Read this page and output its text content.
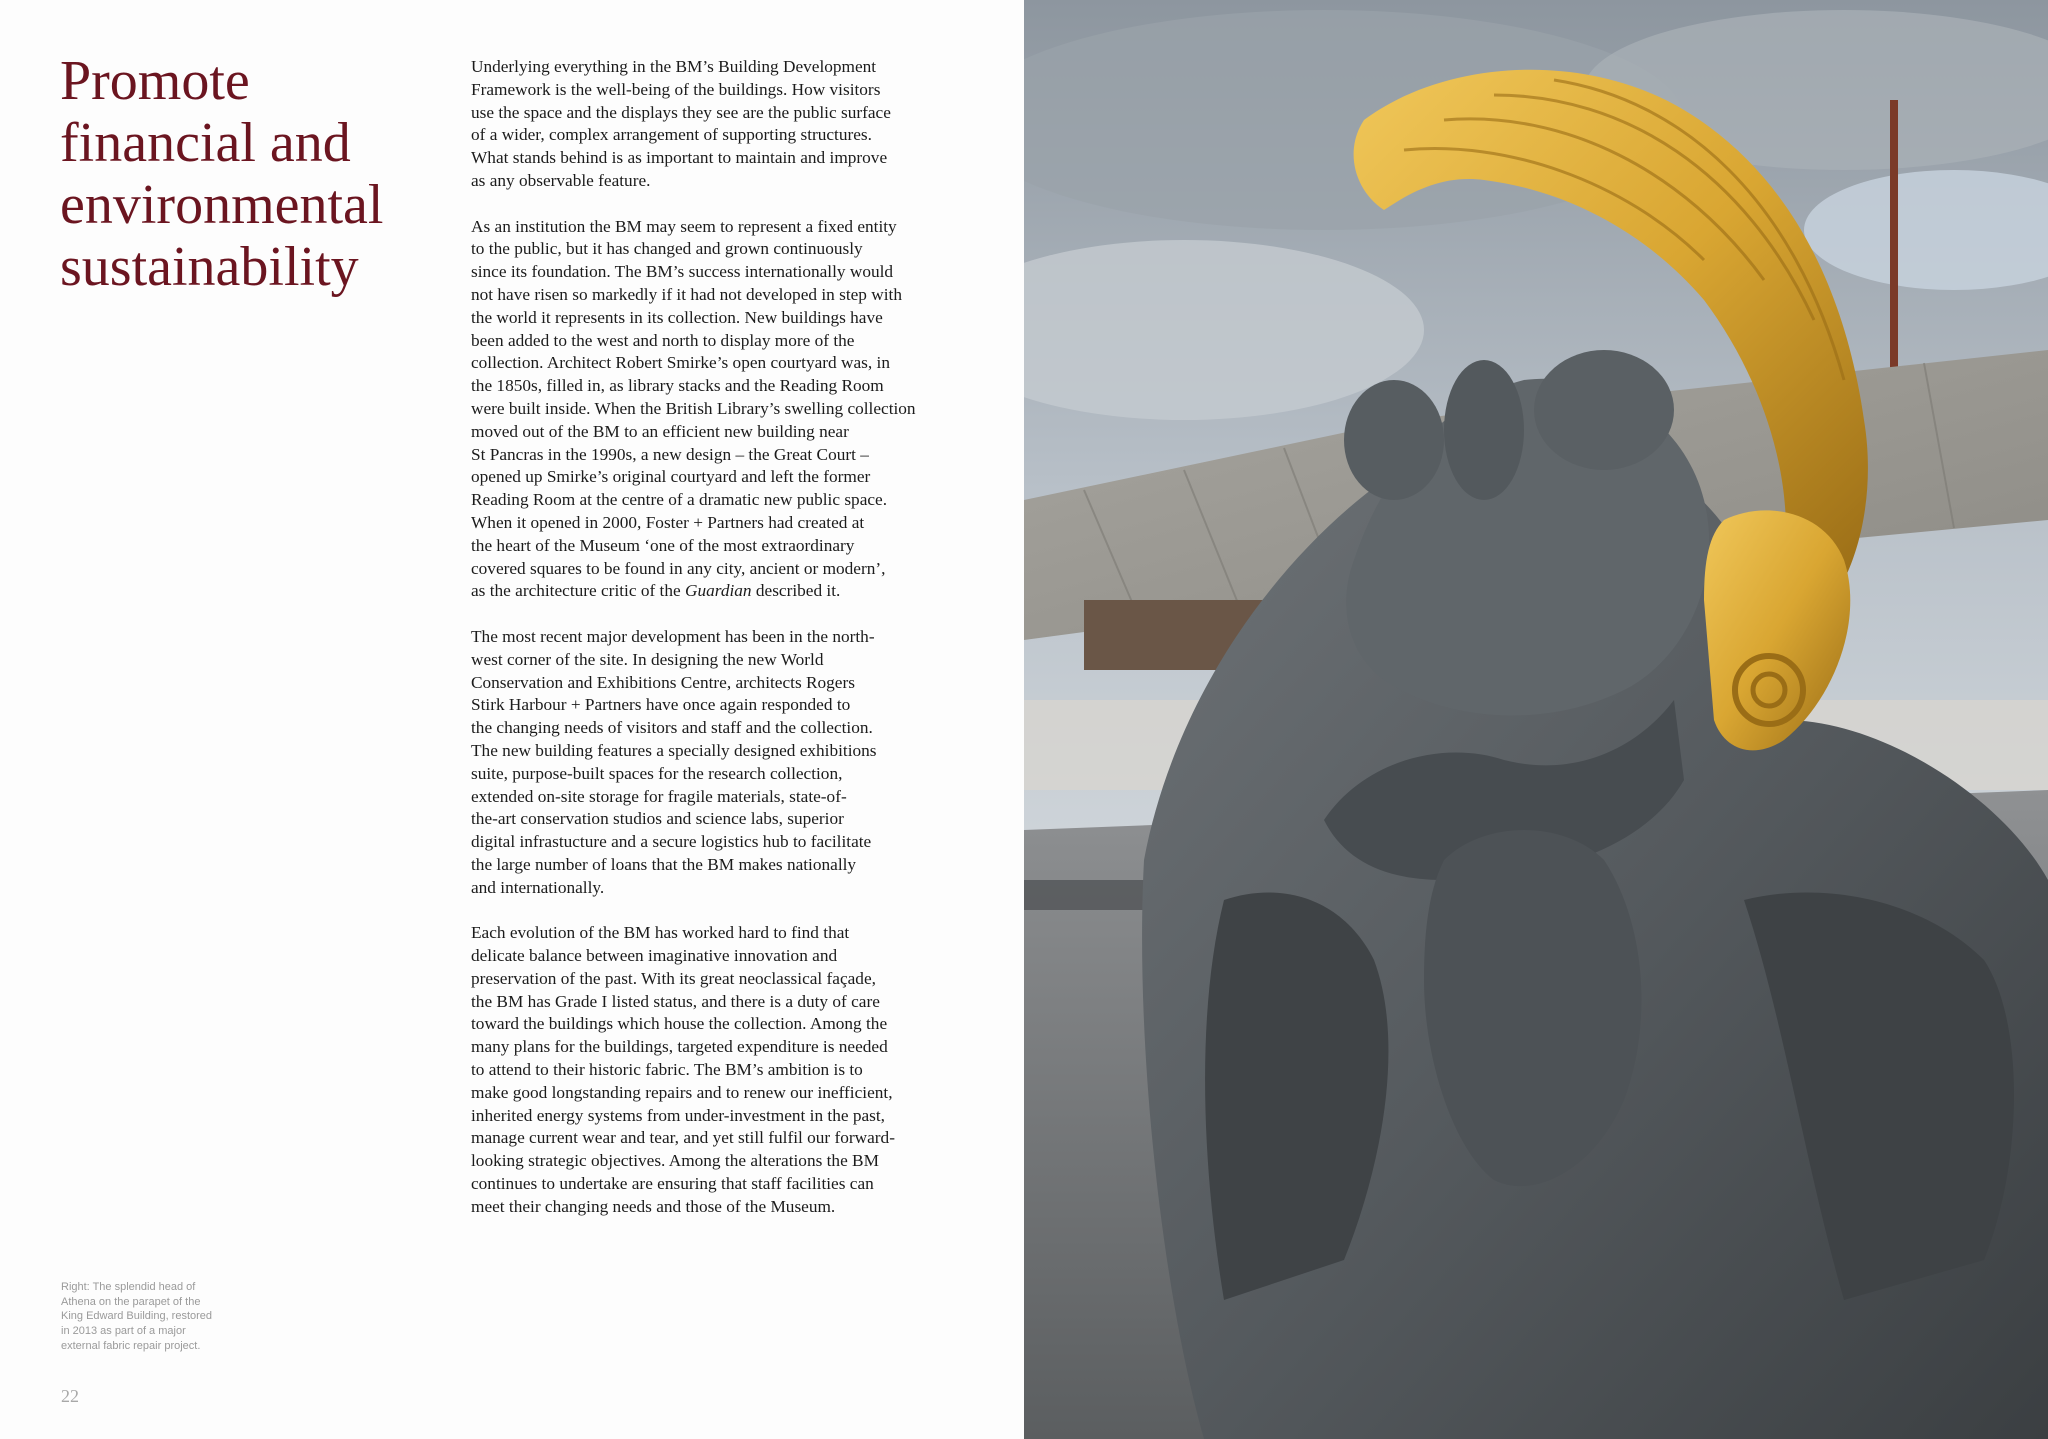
Promote
financial and
environmental
sustainability

Underlying everything in the BM’s Building Development
Framework is the well-being of the buildings. How visitors
use the space and the displays they see are the public surface
of a wider, complex arrangement of supporting structures.
What stands behind is as important to maintain and improve
as any observable feature.

As an institution the BM may seem to represent a fixed entity
to the public, but it has changed and grown continuously
since its foundation. The BM’s success internationally would
not have risen so markedly if it had not developed in step with
the world it represents in its collection. New buildings have
been added to the west and north to display more of the
collection. Architect Robert Smirke’s open courtyard was, in
the 1850s, filled in, as library stacks and the Reading Room
were built inside. When the British Library’s swelling collection
moved out of the BM to an efficient new building near
St Pancras in the 1990s, a new design – the Great Court –
opened up Smirke’s original courtyard and left the former
Reading Room at the centre of a dramatic new public space.
When it opened in 2000, Foster + Partners had created at
the heart of the Museum ‘one of the most extraordinary
covered squares to be found in any city, ancient or modern’,
as the architecture critic of the Guardian described it.

The most recent major development has been in the north-
west corner of the site. In designing the new World
Conservation and Exhibitions Centre, architects Rogers
Stirk Harbour + Partners have once again responded to
the changing needs of visitors and staff and the collection.
The new building features a specially designed exhibitions
suite, purpose-built spaces for the research collection,
extended on-site storage for fragile materials, state-of-
the-art conservation studios and science labs, superior
digital infrastucture and a secure logistics hub to facilitate
the large number of loans that the BM makes nationally
and internationally.

Each evolution of the BM has worked hard to find that
delicate balance between imaginative innovation and
preservation of the past. With its great neoclassical façade,
the BM has Grade I listed status, and there is a duty of care
toward the buildings which house the collection. Among the
many plans for the buildings, targeted expenditure is needed
to attend to their historic fabric. The BM’s ambition is to
make good longstanding repairs and to renew our inefficient,
inherited energy systems from under-investment in the past,
manage current wear and tear, and yet still fulfil our forward-
looking strategic objectives. Among the alterations the BM
continues to undertake are ensuring that staff facilities can
meet their changing needs and those of the Museum.

Right: The splendid head of
Athena on the parapet of the
King Edward Building, restored
in 2013 as part of a major
external fabric repair project.
22
